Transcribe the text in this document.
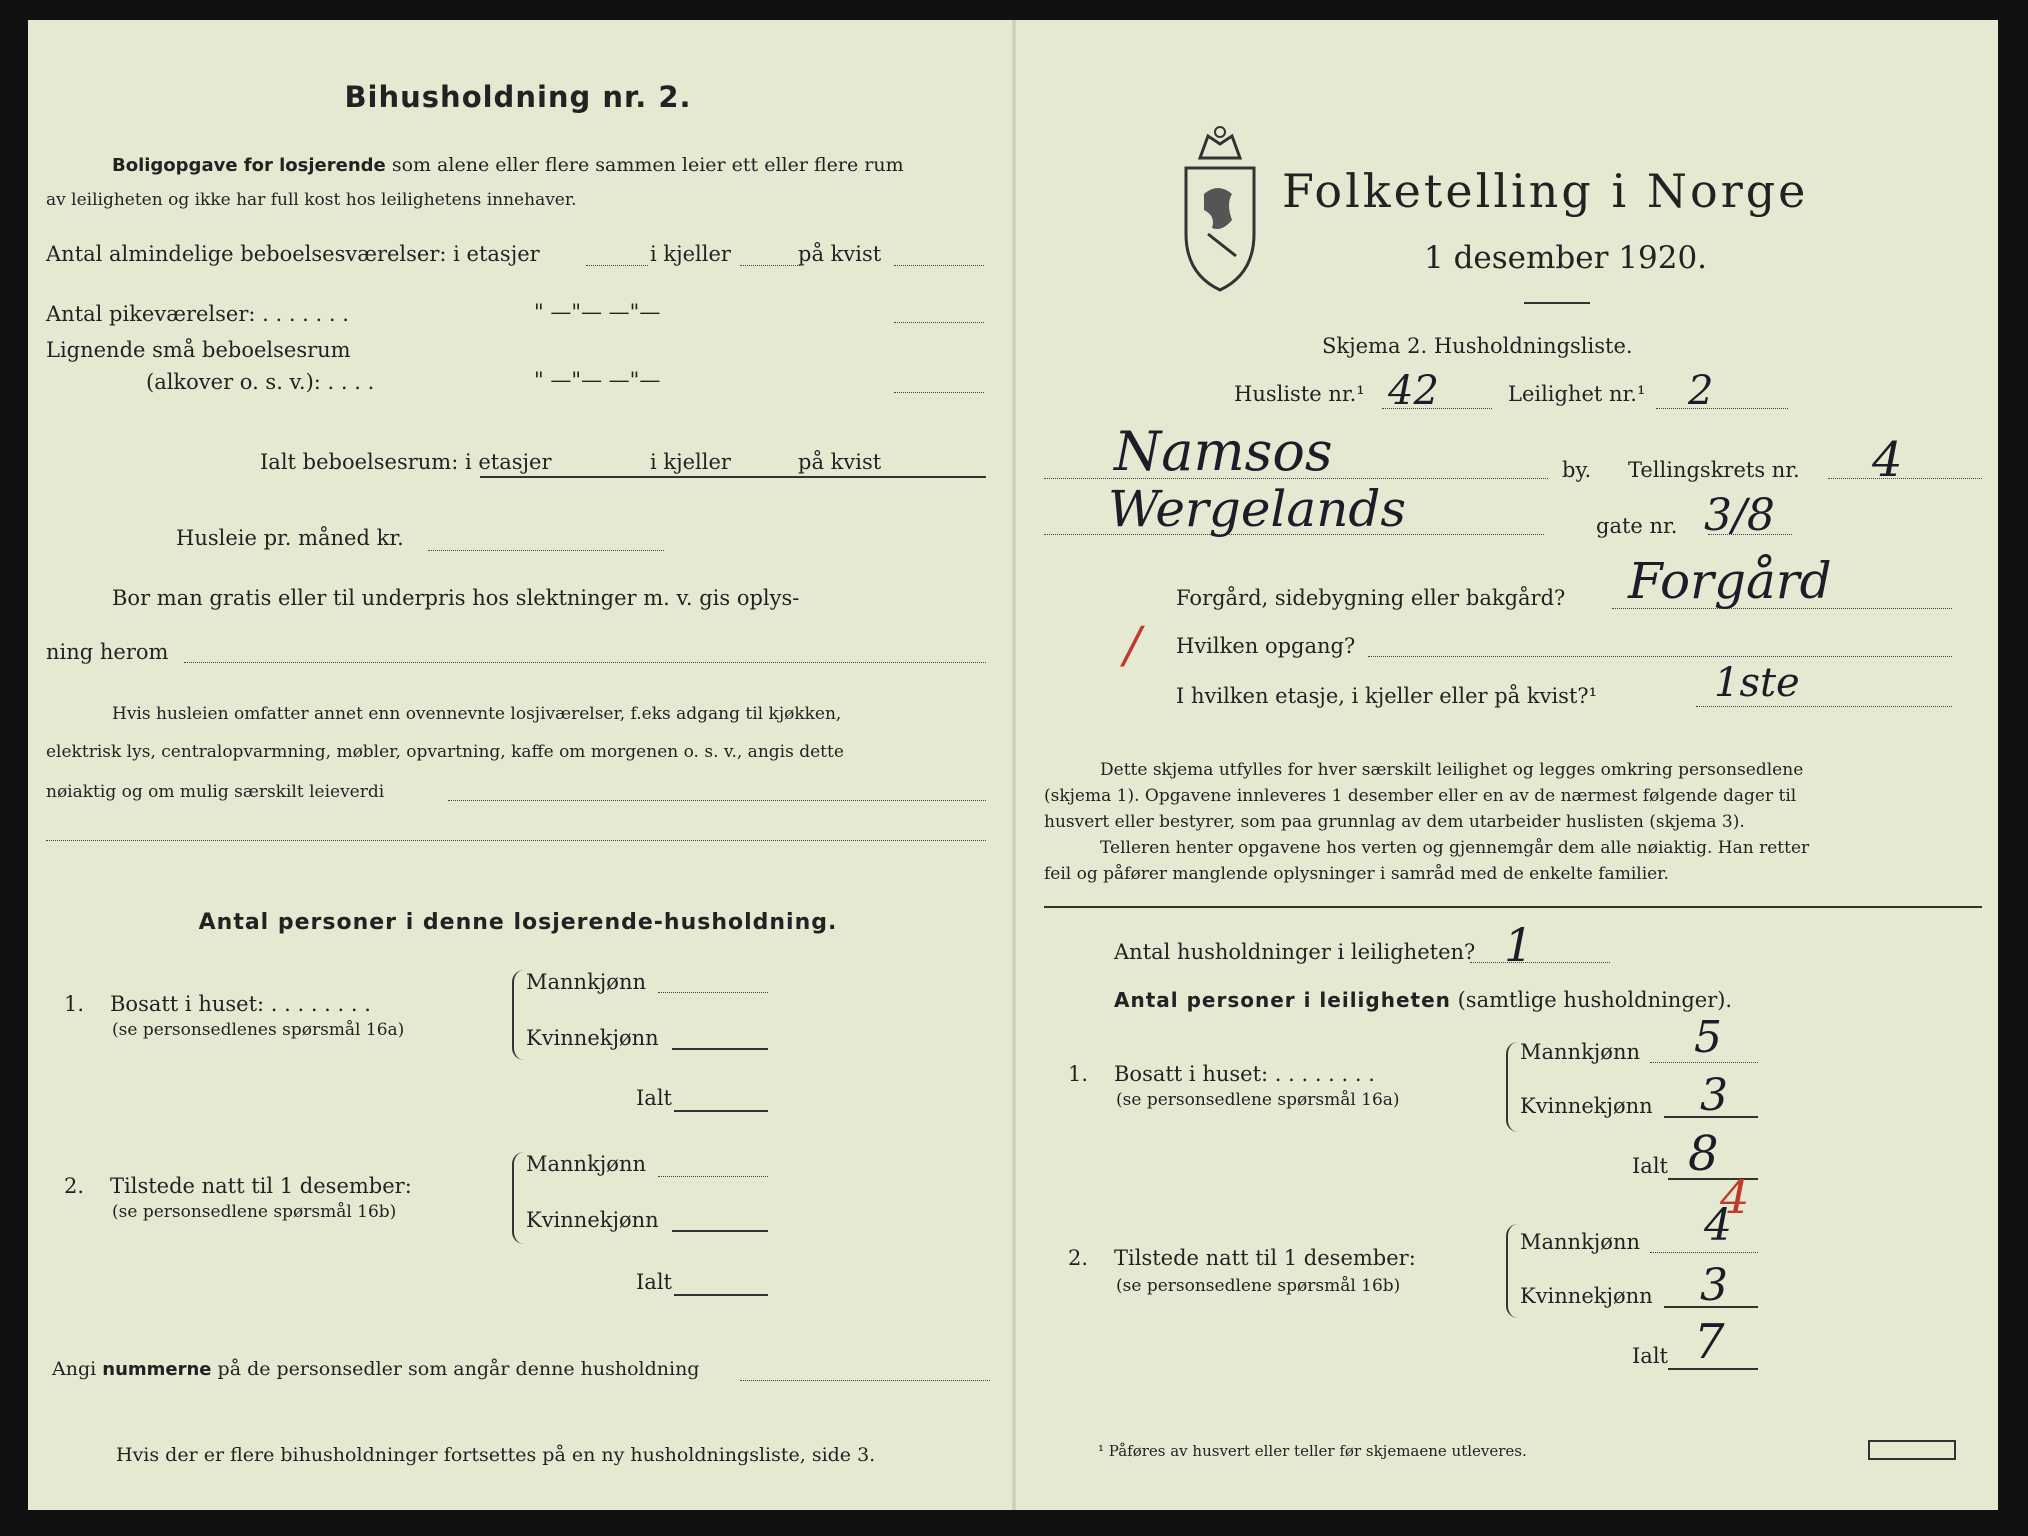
Bihusholdning nr. 2.
Boligopgave for losjerende som alene eller flere sammen leier ett eller flere rum
av leiligheten og ikke har full kost hos leilighetens innehaver.
Antal almindelige beboelsesværelser: i etasjer	i kjeller	på kvist
Antal pikeværelser: . . . . . . .	" —"— —"—
Lignende små beboelsesrum
(alkover o. s. v.): . . . .	" —"— —"—
Ialt beboelsesrum: i etasjer	i kjeller	på kvist
Husleie pr. måned kr.
Bor man gratis eller til underpris hos slektninger m. v. gis oplys-
ning herom
Hvis husleien omfatter annet enn ovennevnte losjiværelser, f.eks adgang til kjøkken,
elektrisk lys, centralopvarmning, møbler, opvartning, kaffe om morgenen o. s. v., angis dette
nøiaktig og om mulig særskilt leieverdi
Antal personer i denne losjerende-husholdning.
1. Bosatt i huset: . . . . . . . .
(se personsedlenes spørsmål 16a)
Mannkjønn
Kvinnekjønn
Ialt
2. Tilstede natt til 1 desember:
(se personsedlene spørsmål 16b)
Mannkjønn
Kvinnekjønn
Ialt
Angi nummerne på de personsedler som angår denne husholdning
Hvis der er flere bihusholdninger fortsettes på en ny husholdningsliste, side 3.
Folketelling i Norge
1 desember 1920.
Skjema 2. Husholdningsliste.
Husliste nr.¹ 42	Leilighet nr.¹ 2
Namsos	by. Tellingskrets nr. 4
Wergelands	gate nr. 3/8
Forgård, sidebygning eller bakgård? Forgård
/ Hvilken opgang?
I hvilken etasje, i kjeller eller på kvist?¹	1ste
Dette skjema utfylles for hver særskilt leilighet og legges omkring personsedlene
(skjema 1). Opgavene innleveres 1 desember eller en av de nærmest følgende dager til
husvert eller bestyrer, som paa grunnlag av dem utarbeider huslisten (skjema 3).
Telleren henter opgavene hos verten og gjennemgår dem alle nøiaktig. Han retter
feil og påfører manglende oplysninger i samråd med de enkelte familier.
Antal husholdninger i leiligheten? 1
Antal personer i leiligheten (samtlige husholdninger).
1. Bosatt i huset: . . . . . . . .
(se personsedlene spørsmål 16a)
Mannkjønn 5
Kvinnekjønn 3
Ialt 8
4
2. Tilstede natt til 1 desember:
(se personsedlene spørsmål 16b)
Mannkjønn 4
Kvinnekjønn 3
Ialt 7
¹ Påføres av husvert eller teller før skjemaene utleveres.
